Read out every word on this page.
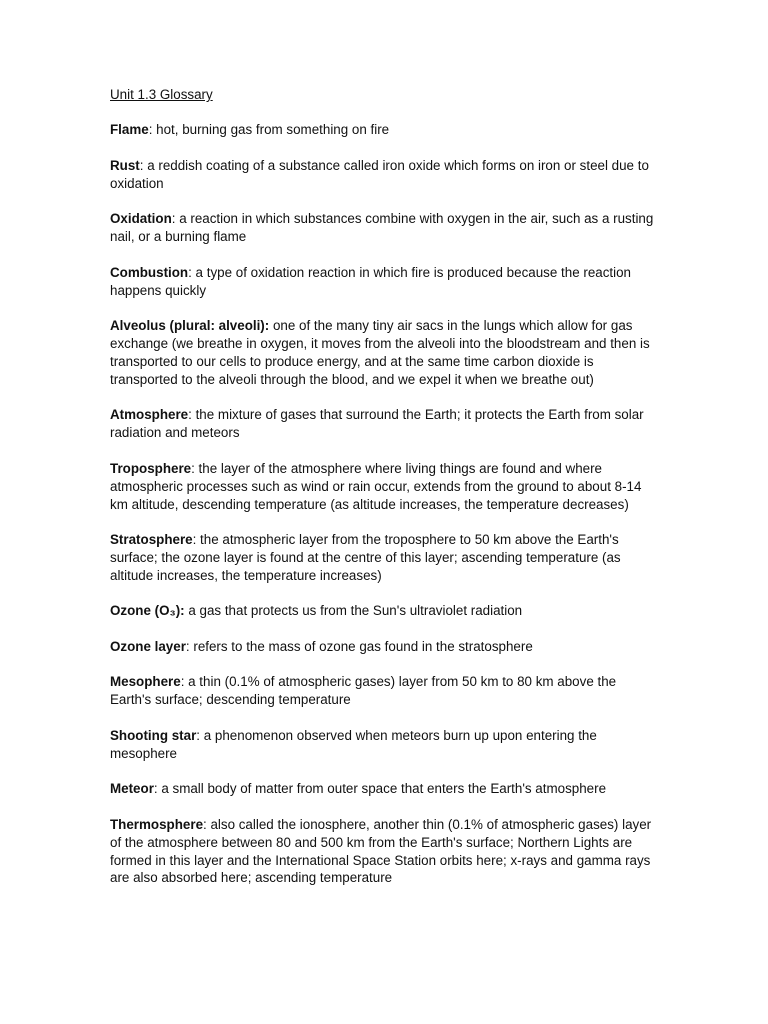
Unit 1.3 Glossary
Flame: hot, burning gas from something on fire
Rust: a reddish coating of a substance called iron oxide which forms on iron or steel due to oxidation
Oxidation: a reaction in which substances combine with oxygen in the air, such as a rusting nail, or a burning flame
Combustion: a type of oxidation reaction in which fire is produced because the reaction happens quickly
Alveolus (plural: alveoli): one of the many tiny air sacs in the lungs which allow for gas exchange (we breathe in oxygen, it moves from the alveoli into the bloodstream and then is transported to our cells to produce energy, and at the same time carbon dioxide is transported to the alveoli through the blood, and we expel it when we breathe out)
Atmosphere: the mixture of gases that surround the Earth; it protects the Earth from solar radiation and meteors
Troposphere: the layer of the atmosphere where living things are found and where atmospheric processes such as wind or rain occur, extends from the ground to about 8-14 km altitude, descending temperature (as altitude increases, the temperature decreases)
Stratosphere: the atmospheric layer from the troposphere to 50 km above the Earth's surface; the ozone layer is found at the centre of this layer; ascending temperature (as altitude increases, the temperature increases)
Ozone (O₃): a gas that protects us from the Sun's ultraviolet radiation
Ozone layer: refers to the mass of ozone gas found in the stratosphere
Mesophere: a thin (0.1% of atmospheric gases) layer from 50 km to 80 km above the Earth's surface; descending temperature
Shooting star: a phenomenon observed when meteors burn up upon entering the mesophere
Meteor: a small body of matter from outer space that enters the Earth's atmosphere
Thermosphere: also called the ionosphere, another thin (0.1% of atmospheric gases) layer of the atmosphere between 80 and 500 km from the Earth's surface; Northern Lights are formed in this layer and the International Space Station orbits here; x-rays and gamma rays are also absorbed here; ascending temperature
